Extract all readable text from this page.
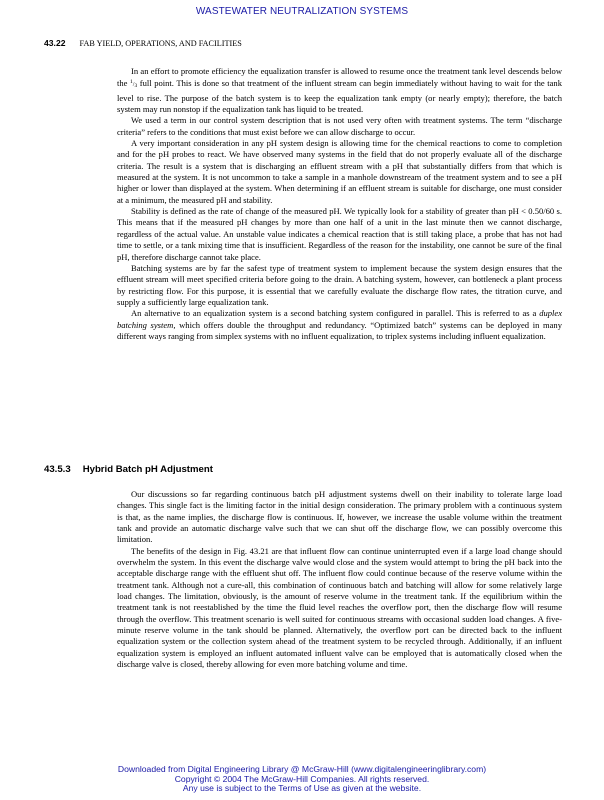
WASTEWATER NEUTRALIZATION SYSTEMS
43.22 FAB YIELD, OPERATIONS, AND FACILITIES

In an effort to promote efficiency the equalization transfer is allowed to resume once the treatment tank level descends below the $^1/_3$ full point. This is done so that treatment of the influent stream can begin immediately without having to wait for the tank level to rise. The purpose of the batch system is to keep the equalization tank empty (or nearly empty); therefore, the batch system may run nonstop if the equalization tank has liquid to be treated.

We used a term in our control system description that is not used very often with treatment systems. The term “discharge criteria” refers to the conditions that must exist before we can allow discharge to occur.

A very important consideration in any pH system design is allowing time for the chemical reactions to come to completion and for the pH probes to react. We have observed many systems in the field that do not properly evaluate all of the discharge criteria. The result is a system that is discharging an effluent stream with a pH that substantially differs from that which is measured at the system. It is not uncommon to take a sample in a manhole downstream of the treatment system and to see a pH higher or lower than displayed at the system. When determining if an effluent stream is suitable for discharge, one must consider at a minimum, the measured pH and stability.

Stability is defined as the rate of change of the measured pH. We typically look for a stability of greater than pH < 0.50/60 s. This means that if the measured pH changes by more than one half of a unit in the last minute then we cannot discharge, regardless of the actual value. An unstable value indicates a chemical reaction that is still taking place, a probe that has not had time to settle, or a tank mixing time that is insufficient. Regardless of the reason for the instability, one cannot be sure of the final pH, therefore discharge cannot take place.

Batching systems are by far the safest type of treatment system to implement because the system design ensures that the effluent stream will meet specified criteria before going to the drain. A batching system, however, can bottleneck a plant process by restricting flow. For this purpose, it is essential that we carefully evaluate the discharge flow rates, the titration curve, and supply a sufficiently large equalization tank.

An alternative to an equalization system is a second batching system configured in parallel. This is referred to as a duplex batching system, which offers double the throughput and redundancy. “Optimized batch” systems can be deployed in many different ways ranging from simplex systems with no influent equalization, to triplex systems including influent equalization.

43.5.3 Hybrid Batch pH Adjustment

Our discussions so far regarding continuous batch pH adjustment systems dwell on their inability to tolerate large load changes. This single fact is the limiting factor in the initial design consideration. The primary problem with a continuous system is that, as the name implies, the discharge flow is continuous. If, however, we increase the usable volume within the treatment tank and provide an automatic discharge valve such that we can shut off the discharge flow, we can possibly overcome this limitation.

The benefits of the design in Fig. 43.21 are that influent flow can continue uninterrupted even if a large load change should overwhelm the system. In this event the discharge valve would close and the system would attempt to bring the pH back into the acceptable discharge range with the effluent shut off. The influent flow could continue because of the reserve volume within the treatment tank. Although not a cure-all, this combination of continuous batch and batching will allow for some relatively large load changes. The limitation, obviously, is the amount of reserve volume in the treatment tank. If the equilibrium within the treatment tank is not reestablished by the time the fluid level reaches the overflow port, then the discharge flow will resume through the overflow. This treatment scenario is well suited for continuous streams with occasional sudden load changes. A five-minute reserve volume in the tank should be planned. Alternatively, the overflow port can be directed back to the influent equalization system or the collection system ahead of the treatment system to be recycled through. Additionally, if an influent equalization system is employed an influent automated influent valve can be employed that is automatically closed when the discharge valve is closed, thereby allowing for even more batching volume and time.

Downloaded from Digital Engineering Library @ McGraw-Hill (www.digitalengineeringlibrary.com)
Copyright © 2004 The McGraw-Hill Companies. All rights reserved.
Any use is subject to the Terms of Use as given at the website.
